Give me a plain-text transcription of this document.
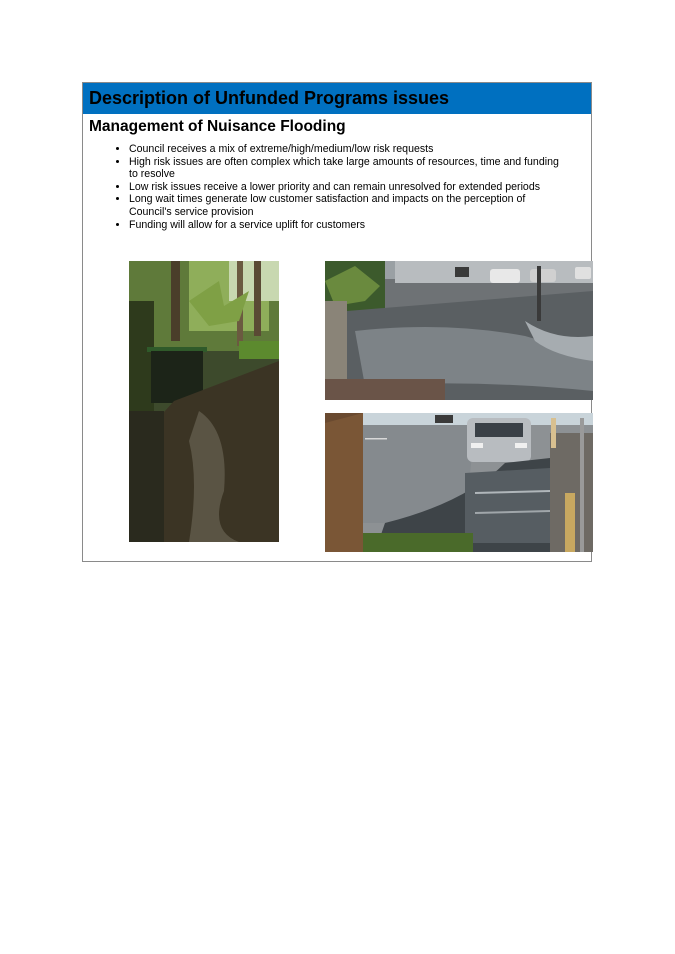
Description of Unfunded Programs issues
Management of Nuisance Flooding
• Council receives a mix of extreme/high/medium/low risk requests
• High risk issues are often complex which take large amounts of resources, time and funding to resolve
• Low risk issues receive a lower priority and can remain unresolved for extended periods
• Long wait times generate low customer satisfaction and impacts on the perception of Council's service provision
• Funding will allow for a service uplift for customers
